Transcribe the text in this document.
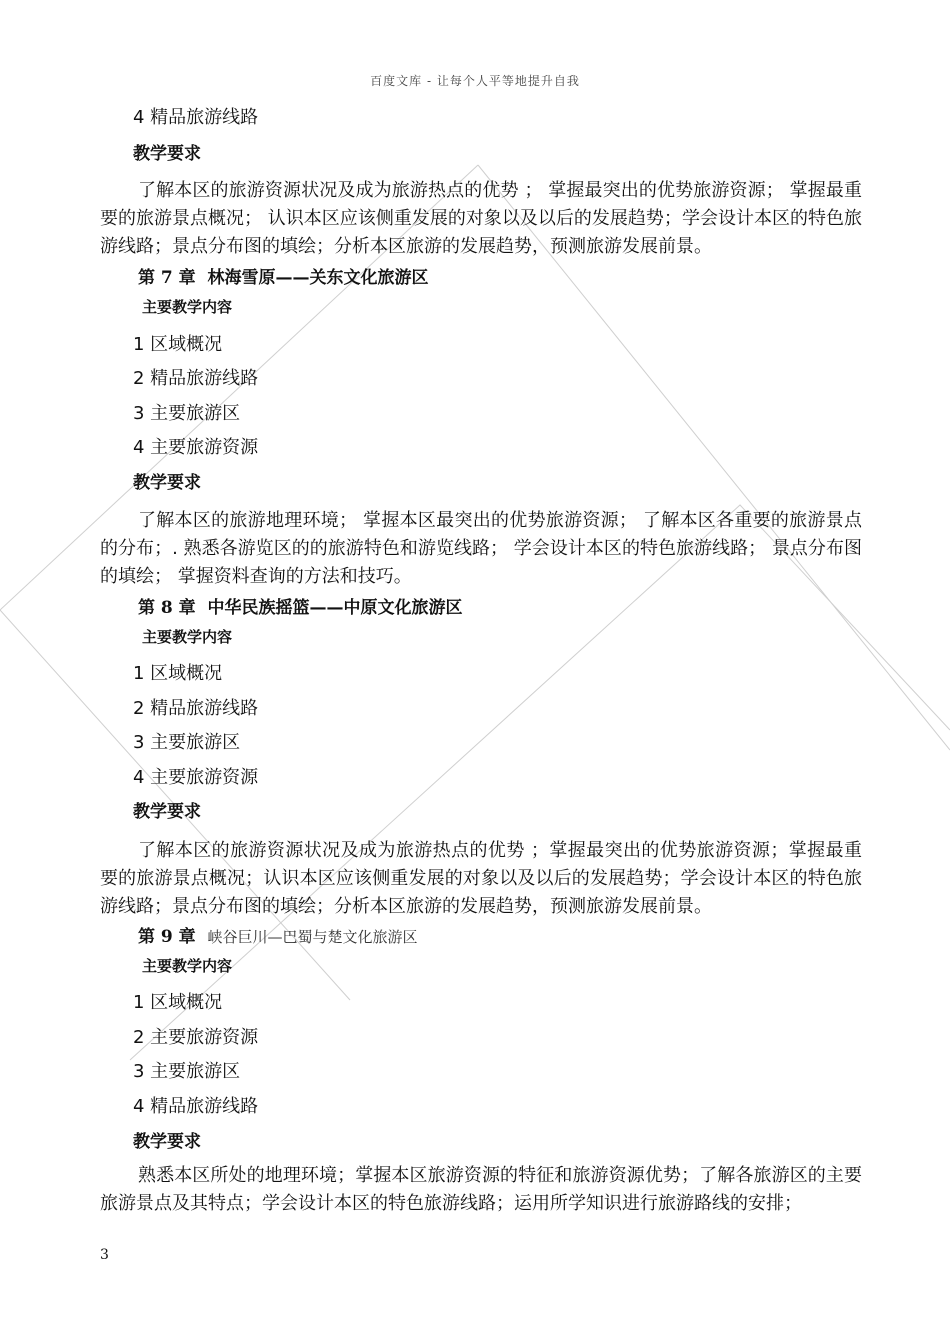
百度文库 - 让每个人平等地提升自我
4 精品旅游线路
教学要求
了解本区的旅游资源状况及成为旅游热点的优势 ； 掌握最突出的优势旅游资源； 掌握最重要的旅游景点概况； 认识本区应该侧重发展的对象以及以后的发展趋势；学会设计本区的特色旅游线路；景点分布图的填绘；分析本区旅游的发展趋势，预测旅游发展前景。
第 7 章 林海雪原——关东文化旅游区
主要教学内容
1 区域概况
2 精品旅游线路
3 主要旅游区
4 主要旅游资源
教学要求
了解本区的旅游地理环境； 掌握本区最突出的优势旅游资源； 了解本区各重要的旅游景点的分布；. 熟悉各游览区的的旅游特色和游览线路； 学会设计本区的特色旅游线路； 景点分布图的填绘； 掌握资料查询的方法和技巧。
第 8 章 中华民族摇篮——中原文化旅游区
主要教学内容
1 区域概况
2 精品旅游线路
3 主要旅游区
4 主要旅游资源
教学要求
了解本区的旅游资源状况及成为旅游热点的优势 ；掌握最突出的优势旅游资源；掌握最重要的旅游景点概况；认识本区应该侧重发展的对象以及以后的发展趋势；学会设计本区的特色旅游线路；景点分布图的填绘；分析本区旅游的发展趋势，预测旅游发展前景。
第 9 章 峡谷巨川—巴蜀与楚文化旅游区
主要教学内容
1 区域概况
2 主要旅游资源
3 主要旅游区
4 精品旅游线路
教学要求
熟悉本区所处的地理环境；掌握本区旅游资源的特征和旅游资源优势；了解各旅游区的主要旅游景点及其特点；学会设计本区的特色旅游线路；运用所学知识进行旅游路线的安排；
3
